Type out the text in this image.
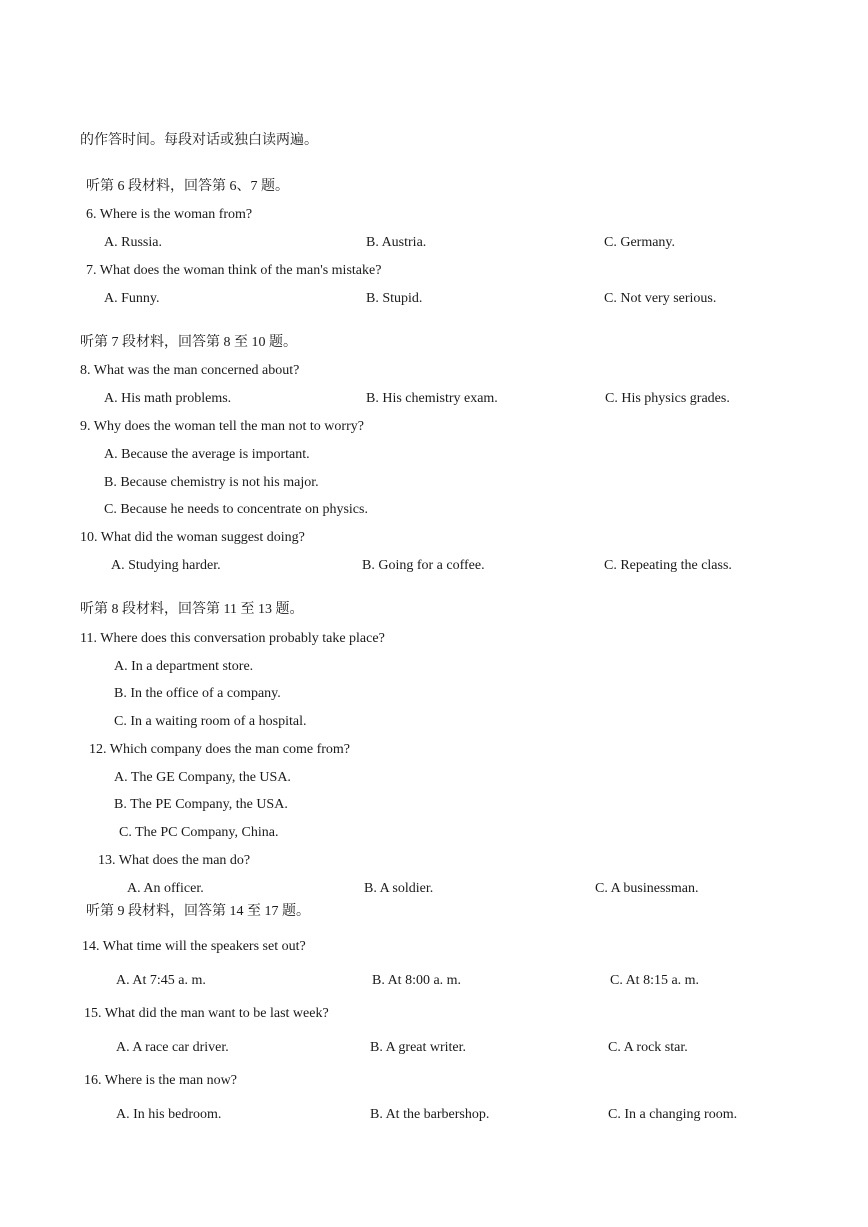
的作答时间。每段对话或独白读两遍。
听第 6 段材料，回答第 6、7 题。
6. Where is the woman from?
A. Russia.	B. Austria.	C. Germany.
7. What does the woman think of the man's mistake?
A. Funny.	B. Stupid.	C. Not very serious.
听第 7 段材料，回答第 8 至 10 题。
8. What was the man concerned about?
A. His math problems.	B. His chemistry exam.	C. His physics grades.
9. Why does the woman tell the man not to worry?
A. Because the average is important.
B. Because chemistry is not his major.
C. Because he needs to concentrate on physics.
10. What did the woman suggest doing?
A. Studying harder.	B. Going for a coffee.	C. Repeating the class.
听第 8 段材料，回答第 11 至 13 题。
11. Where does this conversation probably take place?
A. In a department store.
B. In the office of a company.
C. In a waiting room of a hospital.
12. Which company does the man come from?
A. The GE Company, the USA.
B. The PE Company, the USA.
C. The PC Company, China.
13. What does the man do?
A. An officer.	B. A soldier.	C. A businessman.
听第 9 段材料，回答第 14 至 17 题。
14. What time will the speakers set out?
A. At 7:45 a. m.	B. At 8:00 a. m.	C. At 8:15 a. m.
15. What did the man want to be last week?
A. A race car driver.	B. A great writer.	C. A rock star.
16. Where is the man now?
A. In his bedroom.	B. At the barbershop.	C. In a changing room.
